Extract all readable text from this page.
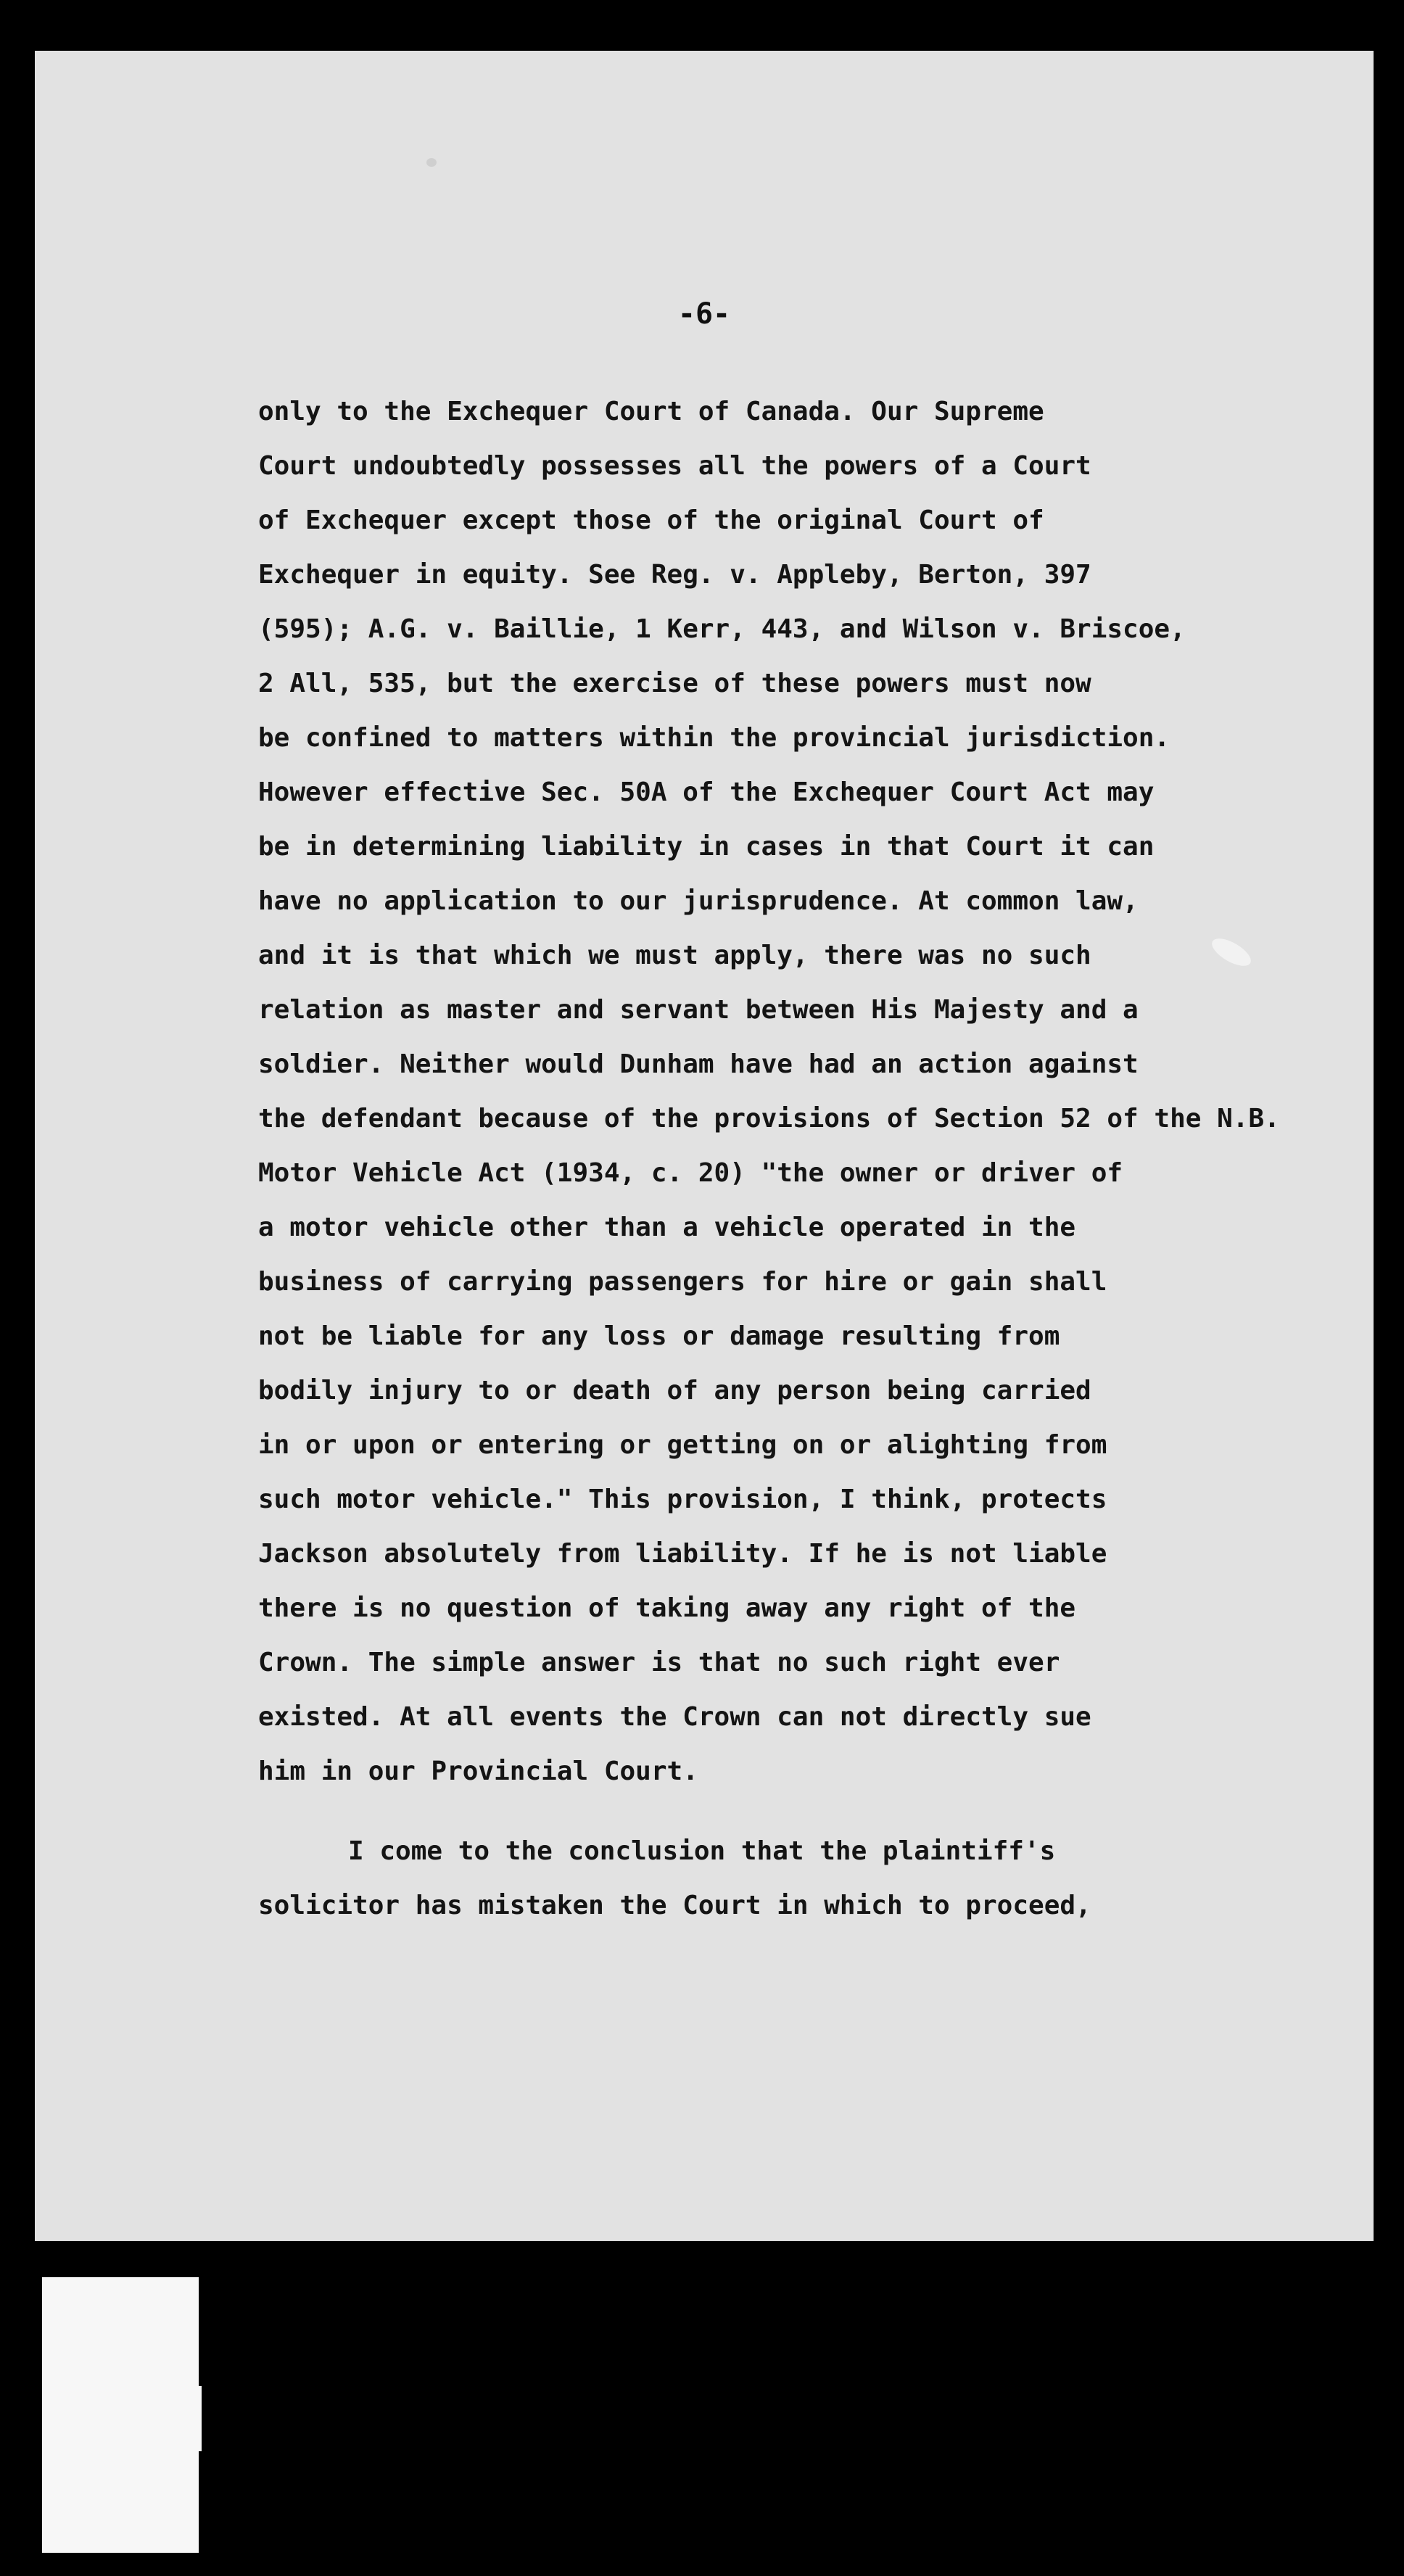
-6-
only to the Exchequer Court of Canada. Our Supreme
Court undoubtedly possesses all the powers of a Court
of Exchequer except those of the original Court of
Exchequer in equity. See Reg. v. Appleby, Berton, 397
(595); A.G. v. Baillie, 1 Kerr, 443, and Wilson v. Briscoe,
2 All, 535, but the exercise of these powers must now
be confined to matters within the provincial jurisdiction.
However effective Sec. 50A of the Exchequer Court Act may
be in determining liability in cases in that Court it can
have no application to our jurisprudence. At common law,
and it is that which we must apply, there was no such
relation as master and servant between His Majesty and a
soldier. Neither would Dunham have had an action against
the defendant because of the provisions of Section 52 of the N.B.
Motor Vehicle Act (1934, c. 20) "the owner or driver of
a motor vehicle other than a vehicle operated in the
business of carrying passengers for hire or gain shall
not be liable for any loss or damage resulting from
bodily injury to or death of any person being carried
in or upon or entering or getting on or alighting from
such motor vehicle." This provision, I think, protects
Jackson absolutely from liability. If he is not liable
there is no question of taking away any right of the
Crown. The simple answer is that no such right ever
existed. At all events the Crown can not directly sue
him in our Provincial Court.
I come to the conclusion that the plaintiff's
solicitor has mistaken the Court in which to proceed,
